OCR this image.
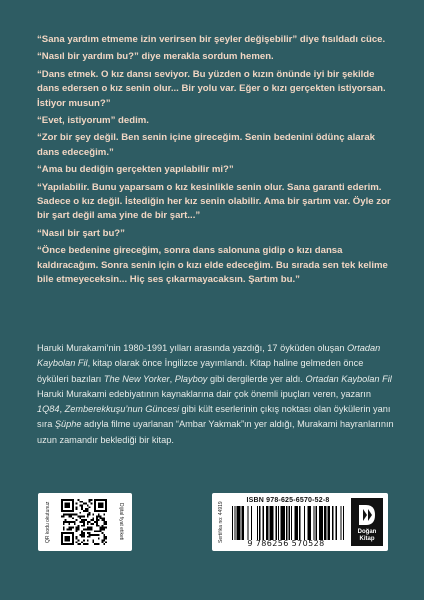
“Sana yardım etmeme izin verirsen bir şeyler değişebilir” diye fısıldadı cüce.

“Nasıl bir yardım bu?” diye merakla sordum hemen.

“Dans etmek. O kız dansı seviyor. Bu yüzden o kızın önünde iyi bir şekilde dans edersen o kız senin olur... Bir yolu var. Eğer o kızı gerçekten istiyorsan. İstiyor musun?”

“Evet, istiyorum” dedim.

“Zor bir şey değil. Ben senin içine gireceğim. Senin bedenini ödünç alarak dans edeceğim.”

“Ama bu dediğin gerçekten yapılabilir mi?”

“Yapılabilir. Bunu yaparsam o kız kesinlikle senin olur. Sana garanti ederim. Sadece o kız değil. İstediğin her kız senin olabilir. Ama bir şartım var. Öyle zor bir şart değil ama yine de bir şart...”

“Nasıl bir şart bu?”

“Önce bedenine gireceğim, sonra dans salonuna gidip o kızı dansa kaldıracağım. Sonra senin için o kızı elde edeceğim. Bu sırada sen tek kelime bile etmeyeceksin... Hiç ses çıkarmayacaksın. Şartım bu.”

Haruki Murakami’nin 1980-1991 yılları arasında yazdığı, 17 öyküden oluşan Ortadan Kaybolan Fil, kitap olarak önce İngilizce yayımlandı. Kitap haline gelmeden önce öyküleri bazıları The New Yorker, Playboy gibi dergilerde yer aldı. Ortadan Kaybolan Fil Haruki Murakami edebiyatının kaynaklarına dair çok önemli ipuçları veren, yazarın 1Q84, Zemberekkuşu’nun Güncesi gibi kült eserlerinin çıkış noktası olan öykülerin yanı sıra Şüphe adıyla filme uyarlanan “Ambar Yakmak”ın yer aldığı, Murakami hayranlarının uzun zamandır beklediği bir kitap.

QR kodu okutunuz	Dijital fiyat etiketi	Sertifika no: 44919
ISBN 978-625-6570-52-8
9 786256 570528
Doğan
Kitap
